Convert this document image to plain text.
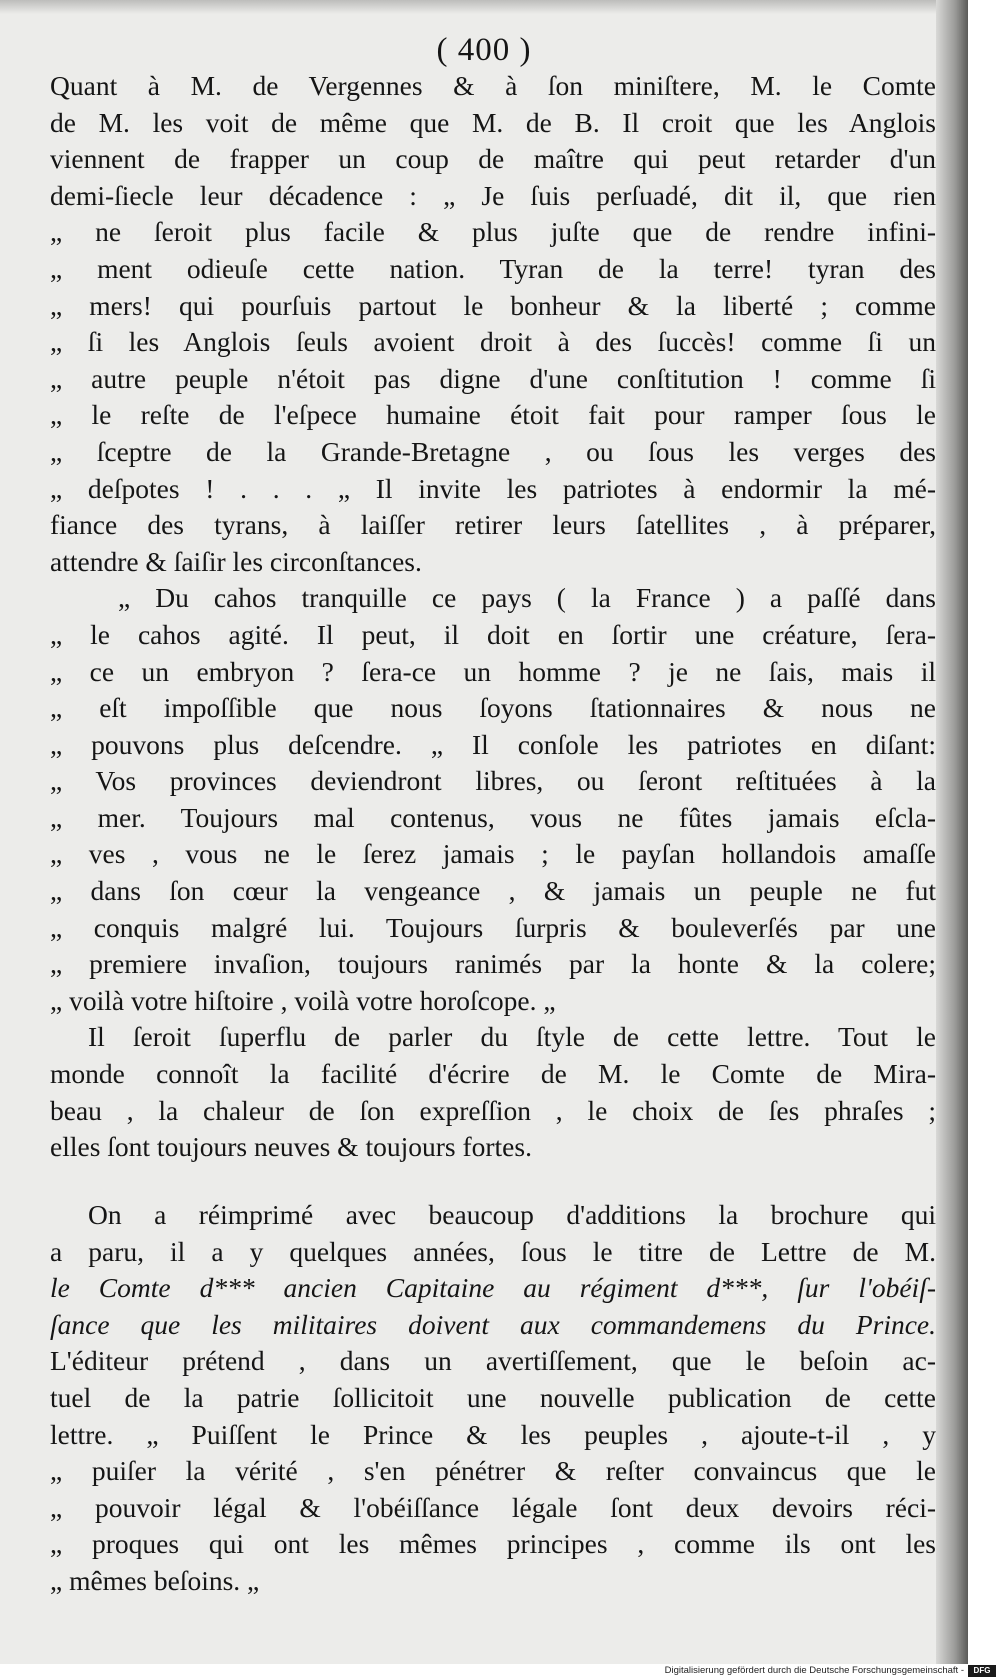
( 400 )
Quant à M. de Vergennes & à ſon miniſtere, M. le Comte
de M. les voit de même que M. de B. Il croit que les Anglois
viennent de frapper un coup de maître qui peut retarder d'un
demi-ſiecle leur décadence : „ Je ſuis perſuadé, dit il, que rien
„ ne ſeroit plus facile & plus juſte que de rendre infini-
„ ment odieuſe cette nation. Tyran de la terre! tyran des
„ mers! qui pourſuis partout le bonheur & la liberté ; comme
„ ſi les Anglois ſeuls avoient droit à des ſuccès! comme ſi un
„ autre peuple n'étoit pas digne d'une conſtitution ! comme ſi
„ le reſte de l'eſpece humaine étoit fait pour ramper ſous le
„ ſceptre de la Grande-Bretagne , ou ſous les verges des
„ deſpotes ! . . . „ Il invite les patriotes à endormir la mé-
fiance des tyrans, à laiſſer retirer leurs ſatellites , à préparer,
attendre & ſaiſir les circonſtances.
„ Du cahos tranquille ce pays ( la France ) a paſſé dans
„ le cahos agité. Il peut, il doit en ſortir une créature, ſera-
„ ce un embryon ? ſera-ce un homme ? je ne ſais, mais il
„ eſt impoſſible que nous ſoyons ſtationnaires & nous ne
„ pouvons plus deſcendre. „ Il conſole les patriotes en diſant:
„ Vos provinces deviendront libres, ou ſeront reſtituées à la
„ mer. Toujours mal contenus, vous ne fûtes jamais eſcla-
„ ves , vous ne le ſerez jamais ; le payſan hollandois amaſſe
„ dans ſon cœur la vengeance , & jamais un peuple ne fut
„ conquis malgré lui. Toujours ſurpris & bouleverſés par une
„ premiere invaſion, toujours ranimés par la honte & la colere;
„ voilà votre hiſtoire , voilà votre horoſcope. „
Il ſeroit ſuperflu de parler du ſtyle de cette lettre. Tout le
monde connoît la facilité d'écrire de M. le Comte de Mira-
beau , la chaleur de ſon expreſſion , le choix de ſes phraſes ;
elles ſont toujours neuves & toujours fortes.
On a réimprimé avec beaucoup d'additions la brochure qui
a paru, il a y quelques années, ſous le titre de Lettre de M.
le Comte d*** ancien Capitaine au régiment d***, ſur l'obéiſ-
ſance que les militaires doivent aux commandemens du Prince.
L'éditeur prétend , dans un avertiſſement, que le beſoin ac-
tuel de la patrie ſollicitoit une nouvelle publication de cette
lettre. „ Puiſſent le Prince & les peuples , ajoute-t-il , y
„ puiſer la vérité , s'en pénétrer & reſter convaincus que le
„ pouvoir légal & l'obéiſſance légale ſont deux devoirs réci-
„ proques qui ont les mêmes principes , comme ils ont les
„ mêmes beſoins. „
Digitalisierung gefördert durch die Deutsche Forschungsgemeinschaft -	DFG
